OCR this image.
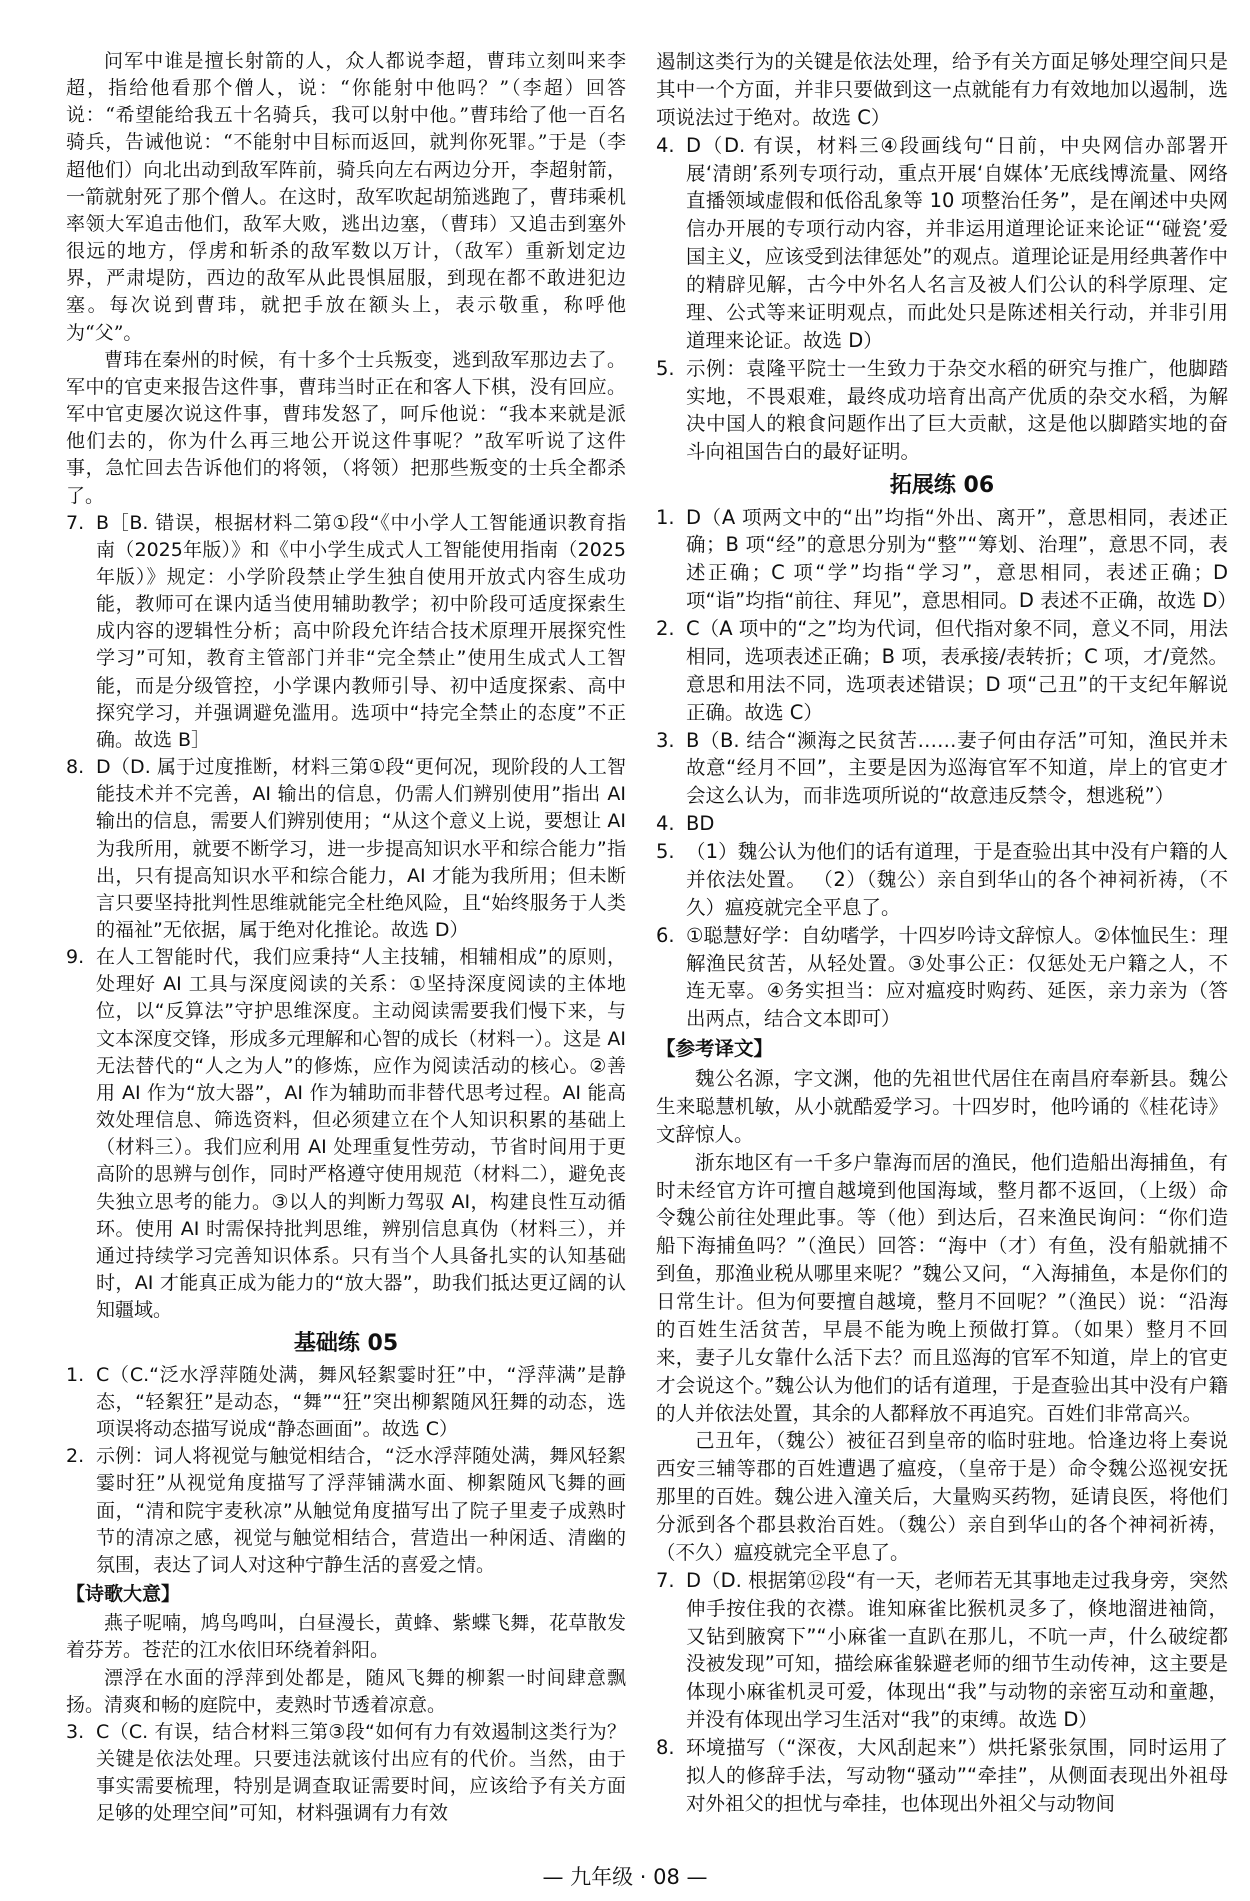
问军中谁是擅长射箭的人，众人都说李超，曹玮立刻叫来李超，指给他看那个僧人，说：“你能射中他吗？”（李超）回答说：“希望能给我五十名骑兵，我可以射中他。”曹玮给了他一百名骑兵，告诫他说：“不能射中目标而返回，就判你死罪。”于是（李超他们）向北出动到敌军阵前，骑兵向左右两边分开，李超射箭，一箭就射死了那个僧人。在这时，敌军吹起胡笳逃跑了，曹玮乘机率领大军追击他们，敌军大败，逃出边塞，（曹玮）又追击到塞外很远的地方，俘虏和斩杀的敌军数以万计，（敌军）重新划定边界，严肃堤防，西边的敌军从此畏惧屈服，到现在都不敢进犯边塞。每次说到曹玮，就把手放在额头上，表示敬重，称呼他为“父”。

曹玮在秦州的时候，有十多个士兵叛变，逃到敌军那边去了。军中的官吏来报告这件事，曹玮当时正在和客人下棋，没有回应。军中官吏屡次说这件事，曹玮发怒了，呵斥他说：“我本来就是派他们去的，你为什么再三地公开说这件事呢？”敌军听说了这件事，急忙回去告诉他们的将领，（将领）把那些叛变的士兵全都杀了。

7. B［B. 错误，根据材料二第①段“《中小学人工智能通识教育指南（2025年版）》和《中小学生成式人工智能使用指南（2025年版）》规定：小学阶段禁止学生独自使用开放式内容生成功能，教师可在课内适当使用辅助教学；初中阶段可适度探索生成内容的逻辑性分析；高中阶段允许结合技术原理开展探究性学习”可知，教育主管部门并非“完全禁止”使用生成式人工智能，而是分级管控，小学课内教师引导、初中适度探索、高中探究学习，并强调避免滥用。选项中“持完全禁止的态度”不正确。故选 B］
8. D（D. 属于过度推断，材料三第①段“更何况，现阶段的人工智能技术并不完善，AI 输出的信息，仍需人们辨别使用”指出 AI 输出的信息，需要人们辨别使用；“从这个意义上说，要想让 AI 为我所用，就要不断学习，进一步提高知识水平和综合能力”指出，只有提高知识水平和综合能力，AI 才能为我所用；但未断言只要坚持批判性思维就能完全杜绝风险，且“始终服务于人类的福祉”无依据，属于绝对化推论。故选 D）
9. 在人工智能时代，我们应秉持“人主技辅，相辅相成”的原则，处理好 AI 工具与深度阅读的关系：①坚持深度阅读的主体地位，以“反算法”守护思维深度。主动阅读需要我们慢下来，与文本深度交锋，形成多元理解和心智的成长（材料一）。这是 AI 无法替代的“人之为人”的修炼，应作为阅读活动的核心。②善用 AI 作为“放大器”，AI 作为辅助而非替代思考过程。AI 能高效处理信息、筛选资料，但必须建立在个人知识积累的基础上（材料三）。我们应利用 AI 处理重复性劳动，节省时间用于更高阶的思辨与创作，同时严格遵守使用规范（材料二），避免丧失独立思考的能力。③以人的判断力驾驭 AI，构建良性互动循环。使用 AI 时需保持批判思维，辨别信息真伪（材料三），并通过持续学习完善知识体系。只有当个人具备扎实的认知基础时，AI 才能真正成为能力的“放大器”，助我们抵达更辽阔的认知疆域。
基础练 05
1. C（C.“泛水浮萍随处满，舞风轻絮霎时狂”中，“浮萍满”是静态，“轻絮狂”是动态，“舞”“狂”突出柳絮随风狂舞的动态，选项误将动态描写说成“静态画面”。故选 C）
2. 示例：词人将视觉与触觉相结合，“泛水浮萍随处满，舞风轻絮霎时狂”从视觉角度描写了浮萍铺满水面、柳絮随风飞舞的画面，“清和院宇麦秋凉”从触觉角度描写出了院子里麦子成熟时节的清凉之感，视觉与触觉相结合，营造出一种闲适、清幽的氛围，表达了词人对这种宁静生活的喜爱之情。
【诗歌大意】

燕子呢喃，鸠鸟鸣叫，白昼漫长，黄蜂、紫蝶飞舞，花草散发着芬芳。苍茫的江水依旧环绕着斜阳。

漂浮在水面的浮萍到处都是，随风飞舞的柳絮一时间肆意飘扬。清爽和畅的庭院中，麦熟时节透着凉意。

3. C（C. 有误，结合材料三第③段“如何有力有效遏制这类行为？关键是依法处理。只要违法就该付出应有的代价。当然，由于事实需要梳理，特别是调查取证需要时间，应该给予有关方面足够的处理空间”可知，材料强调有力有效

遏制这类行为的关键是依法处理，给予有关方面足够处理空间只是其中一个方面，并非只要做到这一点就能有力有效地加以遏制，选项说法过于绝对。故选 C）

4. D（D. 有误，材料三④段画线句“日前，中央网信办部署开展‘清朗’系列专项行动，重点开展‘自媒体’无底线博流量、网络直播领域虚假和低俗乱象等 10 项整治任务”，是在阐述中央网信办开展的专项行动内容，并非运用道理论证来论证“‘碰瓷’爱国主义，应该受到法律惩处”的观点。道理论证是用经典著作中的精辟见解，古今中外名人名言及被人们公认的科学原理、定理、公式等来证明观点，而此处只是陈述相关行动，并非引用道理来论证。故选 D）
5. 示例：袁隆平院士一生致力于杂交水稻的研究与推广，他脚踏实地，不畏艰难，最终成功培育出高产优质的杂交水稻，为解决中国人的粮食问题作出了巨大贡献，这是他以脚踏实地的奋斗向祖国告白的最好证明。
拓展练 06
1. D（A 项两文中的“出”均指“外出、离开”，意思相同，表述正确；B 项“经”的意思分别为“整”“筹划、治理”，意思不同，表述正确；C 项“学”均指“学习”，意思相同，表述正确；D 项“诣”均指“前往、拜见”，意思相同。D 表述不正确，故选 D）
2. C（A 项中的“之”均为代词，但代指对象不同，意义不同，用法相同，选项表述正确；B 项，表承接/表转折；C 项，才/竟然。意思和用法不同，选项表述错误；D 项“己丑”的干支纪年解说正确。故选 C）
3. B（B. 结合“濒海之民贫苦……妻子何由存活”可知，渔民并未故意“经月不回”，主要是因为巡海官军不知道，岸上的官吏才会这么认为，而非选项所说的“故意违反禁令，想逃税”）
4. BD
5. （1）魏公认为他们的话有道理，于是查验出其中没有户籍的人并依法处置。 （2）（魏公）亲自到华山的各个神祠祈祷，（不久）瘟疫就完全平息了。
6. ①聪慧好学：自幼嗜学，十四岁吟诗文辞惊人。②体恤民生：理解渔民贫苦，从轻处置。③处事公正：仅惩处无户籍之人，不连无辜。④务实担当：应对瘟疫时购药、延医，亲力亲为（答出两点，结合文本即可）
【参考译文】

魏公名源，字文渊，他的先祖世代居住在南昌府奉新县。魏公生来聪慧机敏，从小就酷爱学习。十四岁时，他吟诵的《桂花诗》文辞惊人。

浙东地区有一千多户靠海而居的渔民，他们造船出海捕鱼，有时未经官方许可擅自越境到他国海域，整月都不返回，（上级）命令魏公前往处理此事。等（他）到达后，召来渔民询问：“你们造船下海捕鱼吗？”（渔民）回答：“海中（才）有鱼，没有船就捕不到鱼，那渔业税从哪里来呢？”魏公又问，“入海捕鱼，本是你们的日常生计。但为何要擅自越境，整月不回呢？”（渔民）说：“沿海的百姓生活贫苦，早晨不能为晚上预做打算。（如果）整月不回来，妻子儿女靠什么活下去？而且巡海的官军不知道，岸上的官吏才会说这个。”魏公认为他们的话有道理，于是查验出其中没有户籍的人并依法处置，其余的人都释放不再追究。百姓们非常高兴。

己丑年，（魏公）被征召到皇帝的临时驻地。恰逢边将上奏说西安三辅等郡的百姓遭遇了瘟疫，（皇帝于是）命令魏公巡视安抚那里的百姓。魏公进入潼关后，大量购买药物，延请良医，将他们分派到各个郡县救治百姓。（魏公）亲自到华山的各个神祠祈祷，（不久）瘟疫就完全平息了。

7. D（D. 根据第⑫段“有一天，老师若无其事地走过我身旁，突然伸手按住我的衣襟。谁知麻雀比猴机灵多了，倏地溜进袖筒，又钻到腋窝下”“小麻雀一直趴在那儿，不吭一声，什么破绽都没被发现”可知，描绘麻雀躲避老师的细节生动传神，这主要是体现小麻雀机灵可爱，体现出“我”与动物的亲密互动和童趣，并没有体现出学习生活对“我”的束缚。故选 D）
8. 环境描写（“深夜，大风刮起来”）烘托紧张氛围，同时运用了拟人的修辞手法，写动物“骚动”“牵挂”，从侧面表现出外祖母对外祖父的担忧与牵挂，也体现出外祖父与动物间
— 九年级 · 08 —
